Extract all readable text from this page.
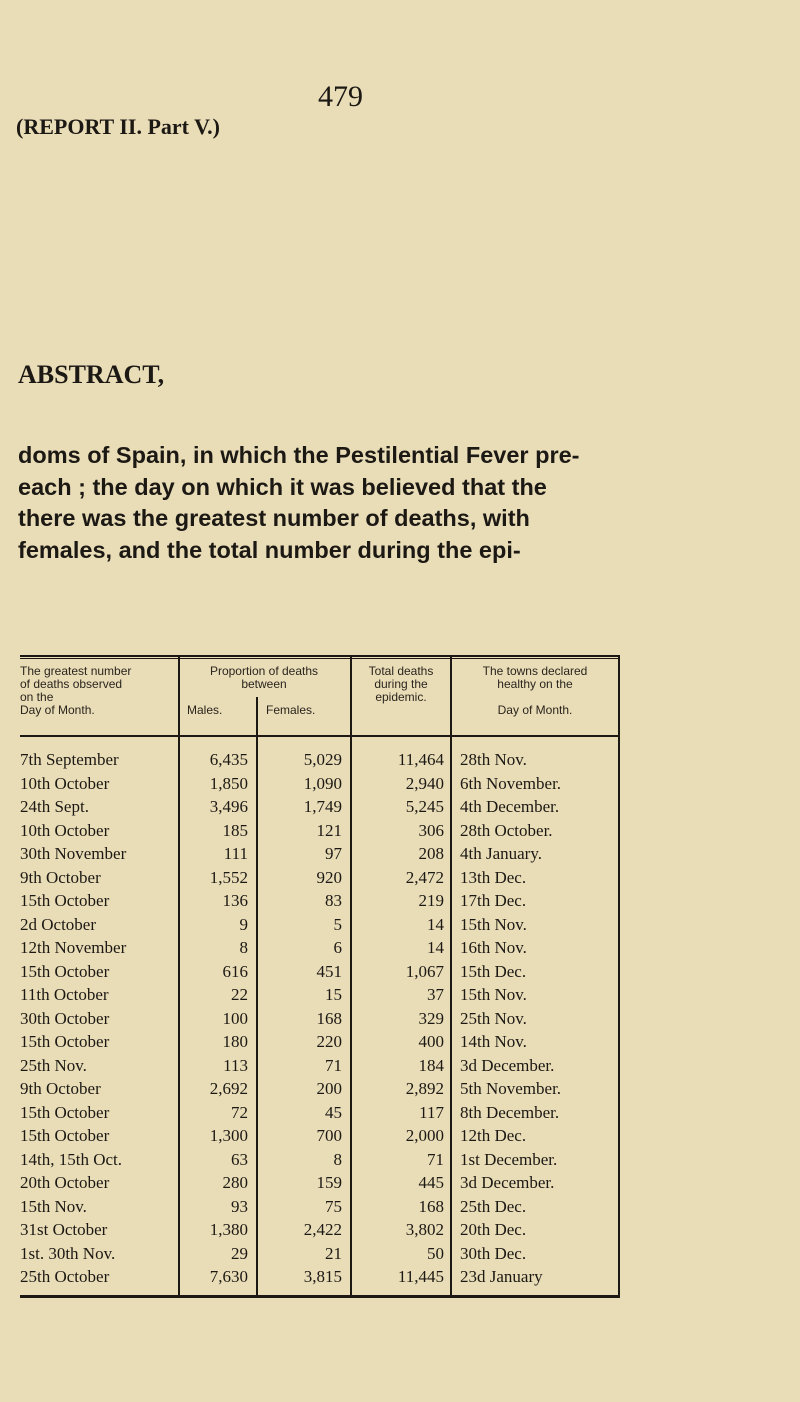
479
(REPORT II. Part V.)
ABSTRACT,
doms of Spain, in which the Pestilential Fever pre-
each ; the day on which it was believed that the
there was the greatest number of deaths, with
females, and the total number during the epi-
The greatest number
of deaths observed
on the
Day of Month.
Proportion of deaths
between
Males.	Females.
Total deaths
during the
epidemic.
The towns declared
healthy on the

Day of Month.
7th September	6,435	5,029	11,464 28th Nov.
10th October	1,850	1,090	2,940 6th November.
24th Sept.	3,496	1,749	5,245 4th December.
10th October	185	121	306 28th October.
30th November	111	97	208 4th January.
9th October	1,552	920	2,472 13th Dec.
15th October	136	83	219 17th Dec.
2d October	9	5	14 15th Nov.
12th November	8	6	14 16th Nov.
15th October	616	451	1,067 15th Dec.
11th October	22	15	37 15th Nov.
30th October	100	168	329 25th Nov.
15th October	180	220	400 14th Nov.
25th Nov.	113	71	184 3d December.
9th October	2,692	200	2,892 5th November.
15th October	72	45	117 8th December.
15th October	1,300	700	2,000 12th Dec.
14th, 15th Oct.	63	8	71 1st December.
20th October	280	159	445 3d December.
15th Nov.	93	75	168 25th Dec.
31st October	1,380	2,422	3,802 20th Dec.
1st. 30th Nov.	29	21	50 30th Dec.
25th October	7,630	3,815	11,445 23d January
